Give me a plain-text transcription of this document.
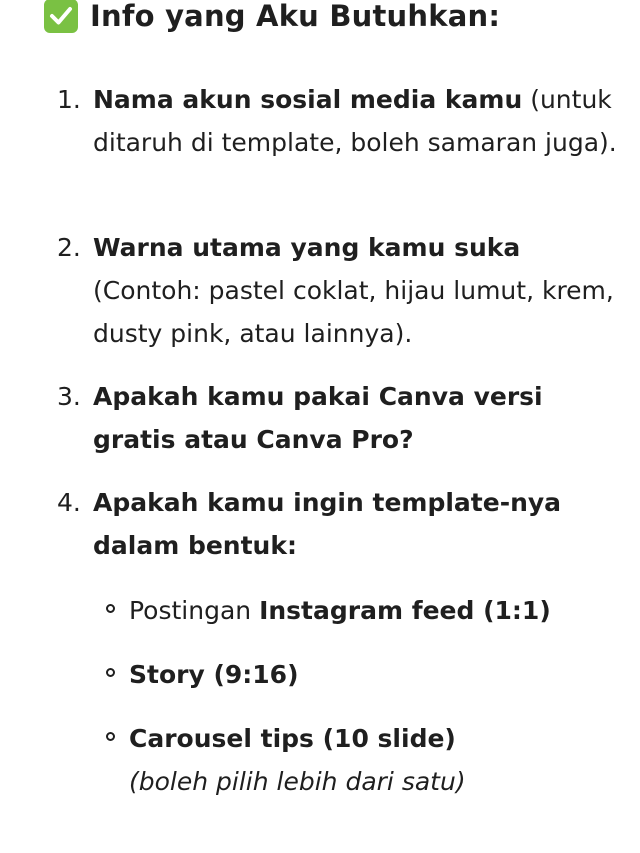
Info yang Aku Butuhkan:
1. Nama akun sosial media kamu (untuk ditaruh di template, boleh samaran juga).
2. Warna utama yang kamu suka (Contoh: pastel coklat, hijau lumut, krem, dusty pink, atau lainnya).
3. Apakah kamu pakai Canva versi gratis atau Canva Pro?
4. Apakah kamu ingin template-nya dalam bentuk:
Postingan Instagram feed (1:1)
Story (9:16)
Carousel tips (10 slide)
(boleh pilih lebih dari satu)
